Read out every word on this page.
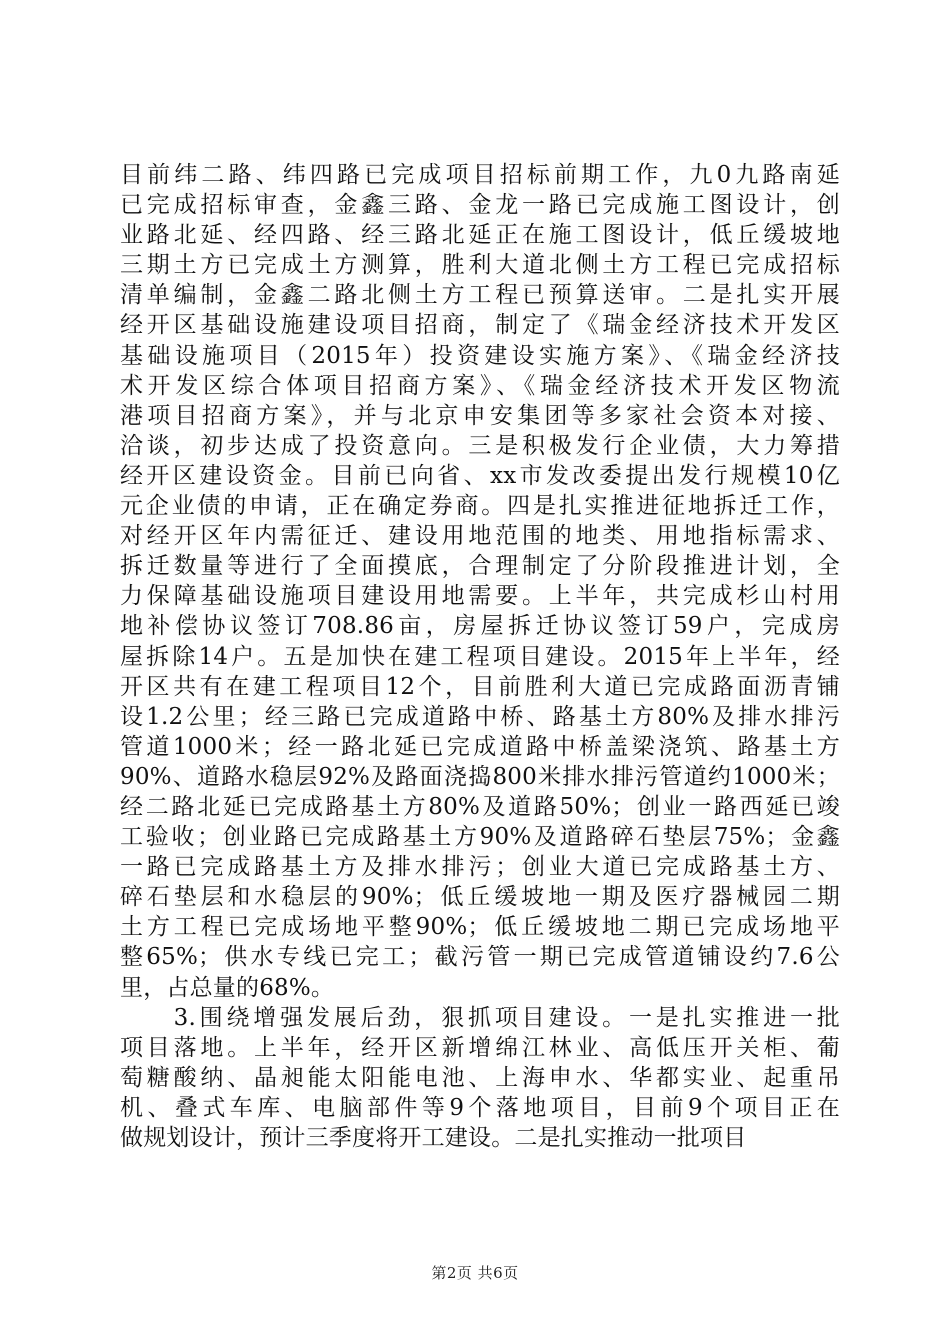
目前纬二路、纬四路已完成项目招标前期工作，九0九路南延
已完成招标审查，金鑫三路、金龙一路已完成施工图设计，创
业路北延、经四路、经三路北延正在施工图设计，低丘缓坡地
三期土方已完成土方测算，胜利大道北侧土方工程已完成招标
清单编制，金鑫二路北侧土方工程已预算送审。二是扎实开展
经开区基础设施建设项目招商，制定了《瑞金经济技术开发区
基础设施项目（2015年）投资建设实施方案》、《瑞金经济技
术开发区综合体项目招商方案》、《瑞金经济技术开发区物流
港项目招商方案》，并与北京申安集团等多家社会资本对接、
洽谈，初步达成了投资意向。三是积极发行企业债，大力筹措
经开区建设资金。目前已向省、xx市发改委提出发行规模10亿
元企业债的申请，正在确定券商。四是扎实推进征地拆迁工作，
对经开区年内需征迁、建设用地范围的地类、用地指标需求、
拆迁数量等进行了全面摸底，合理制定了分阶段推进计划，全
力保障基础设施项目建设用地需要。上半年，共完成杉山村用
地补偿协议签订708.86亩，房屋拆迁协议签订59户，完成房
屋拆除14户。五是加快在建工程项目建设。2015年上半年，经
开区共有在建工程项目12个，目前胜利大道已完成路面沥青铺
设1.2公里；经三路已完成道路中桥、路基土方80%及排水排污
管道1000米；经一路北延已完成道路中桥盖梁浇筑、路基土方
90%、道路水稳层92%及路面浇捣800米排水排污管道约1000米；
经二路北延已完成路基土方80%及道路50%；创业一路西延已竣
工验收；创业路已完成路基土方90%及道路碎石垫层75%；金鑫
一路已完成路基土方及排水排污；创业大道已完成路基土方、
碎石垫层和水稳层的90%；低丘缓坡地一期及医疗器械园二期
土方工程已完成场地平整90%；低丘缓坡地二期已完成场地平
整65%；供水专线已完工；截污管一期已完成管道铺设约7.6公
里，占总量的68%。
　　3.围绕增强发展后劲，狠抓项目建设。一是扎实推进一批
项目落地。上半年，经开区新增绵江林业、高低压开关柜、葡
萄糖酸纳、晶昶能太阳能电池、上海申水、华都实业、起重吊
机、叠式车库、电脑部件等9个落地项目，目前9个项目正在
做规划设计，预计三季度将开工建设。二是扎实推动一批项目
第2页 共6页
